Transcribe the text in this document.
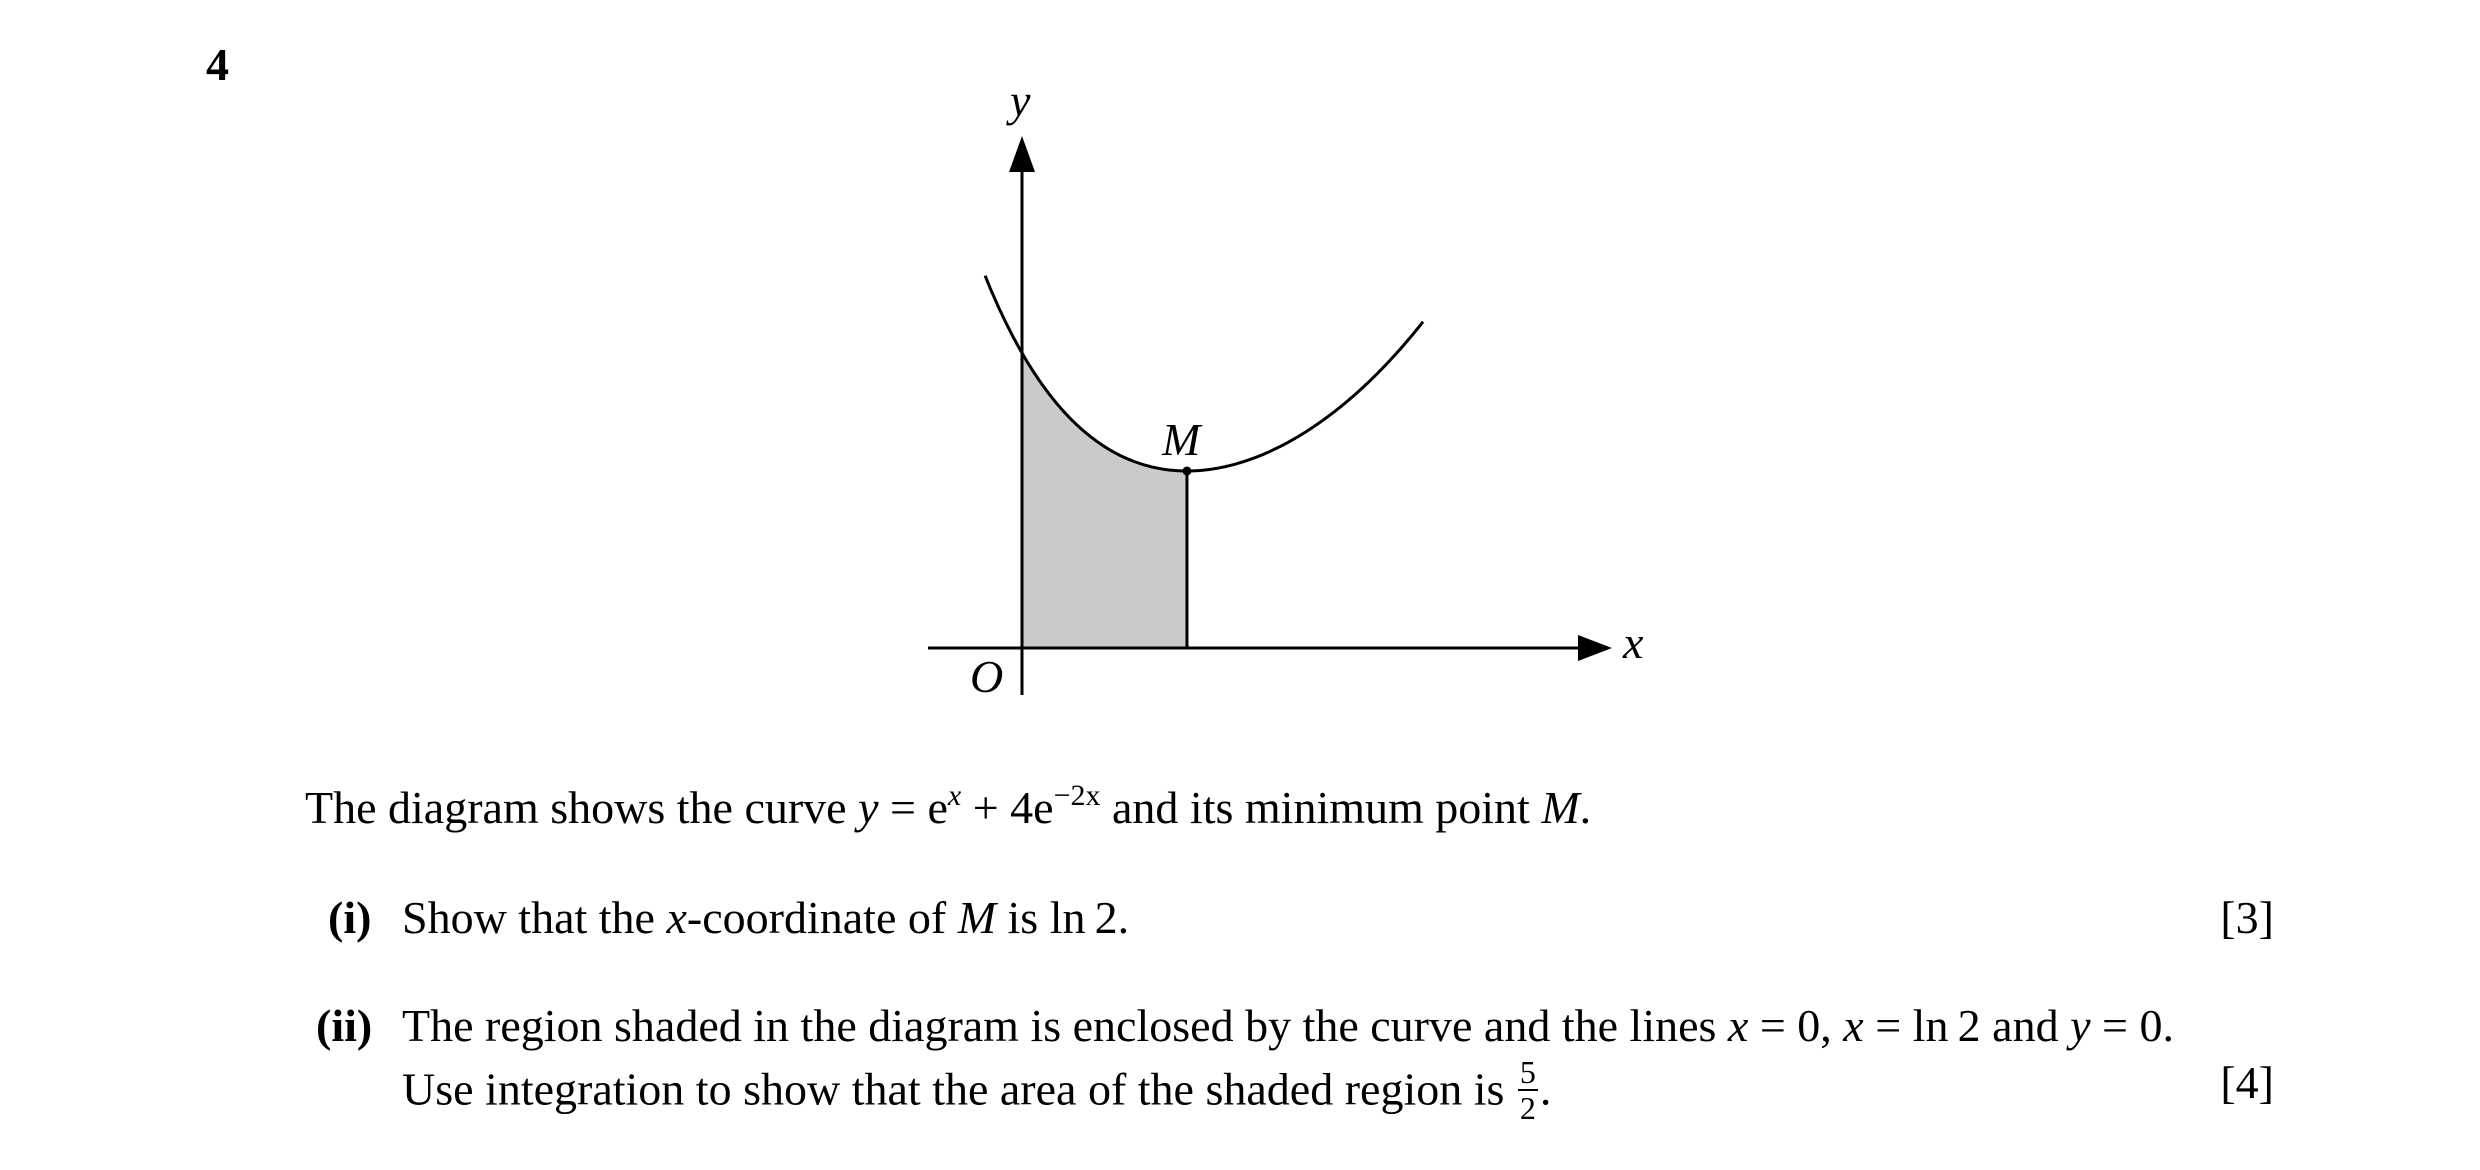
4
y
x
O
M
The diagram shows the curve $y = e^x + 4e^{-2x}$ and its minimum point M.
(i) Show that the x-coordinate of M is ln 2.	[3]
(ii) The region shaded in the diagram is enclosed by the curve and the lines x = 0, x = ln 2 and y = 0.
Use integration to show that the area of the shaded region is $\frac{5}{2}$ .	[4]
